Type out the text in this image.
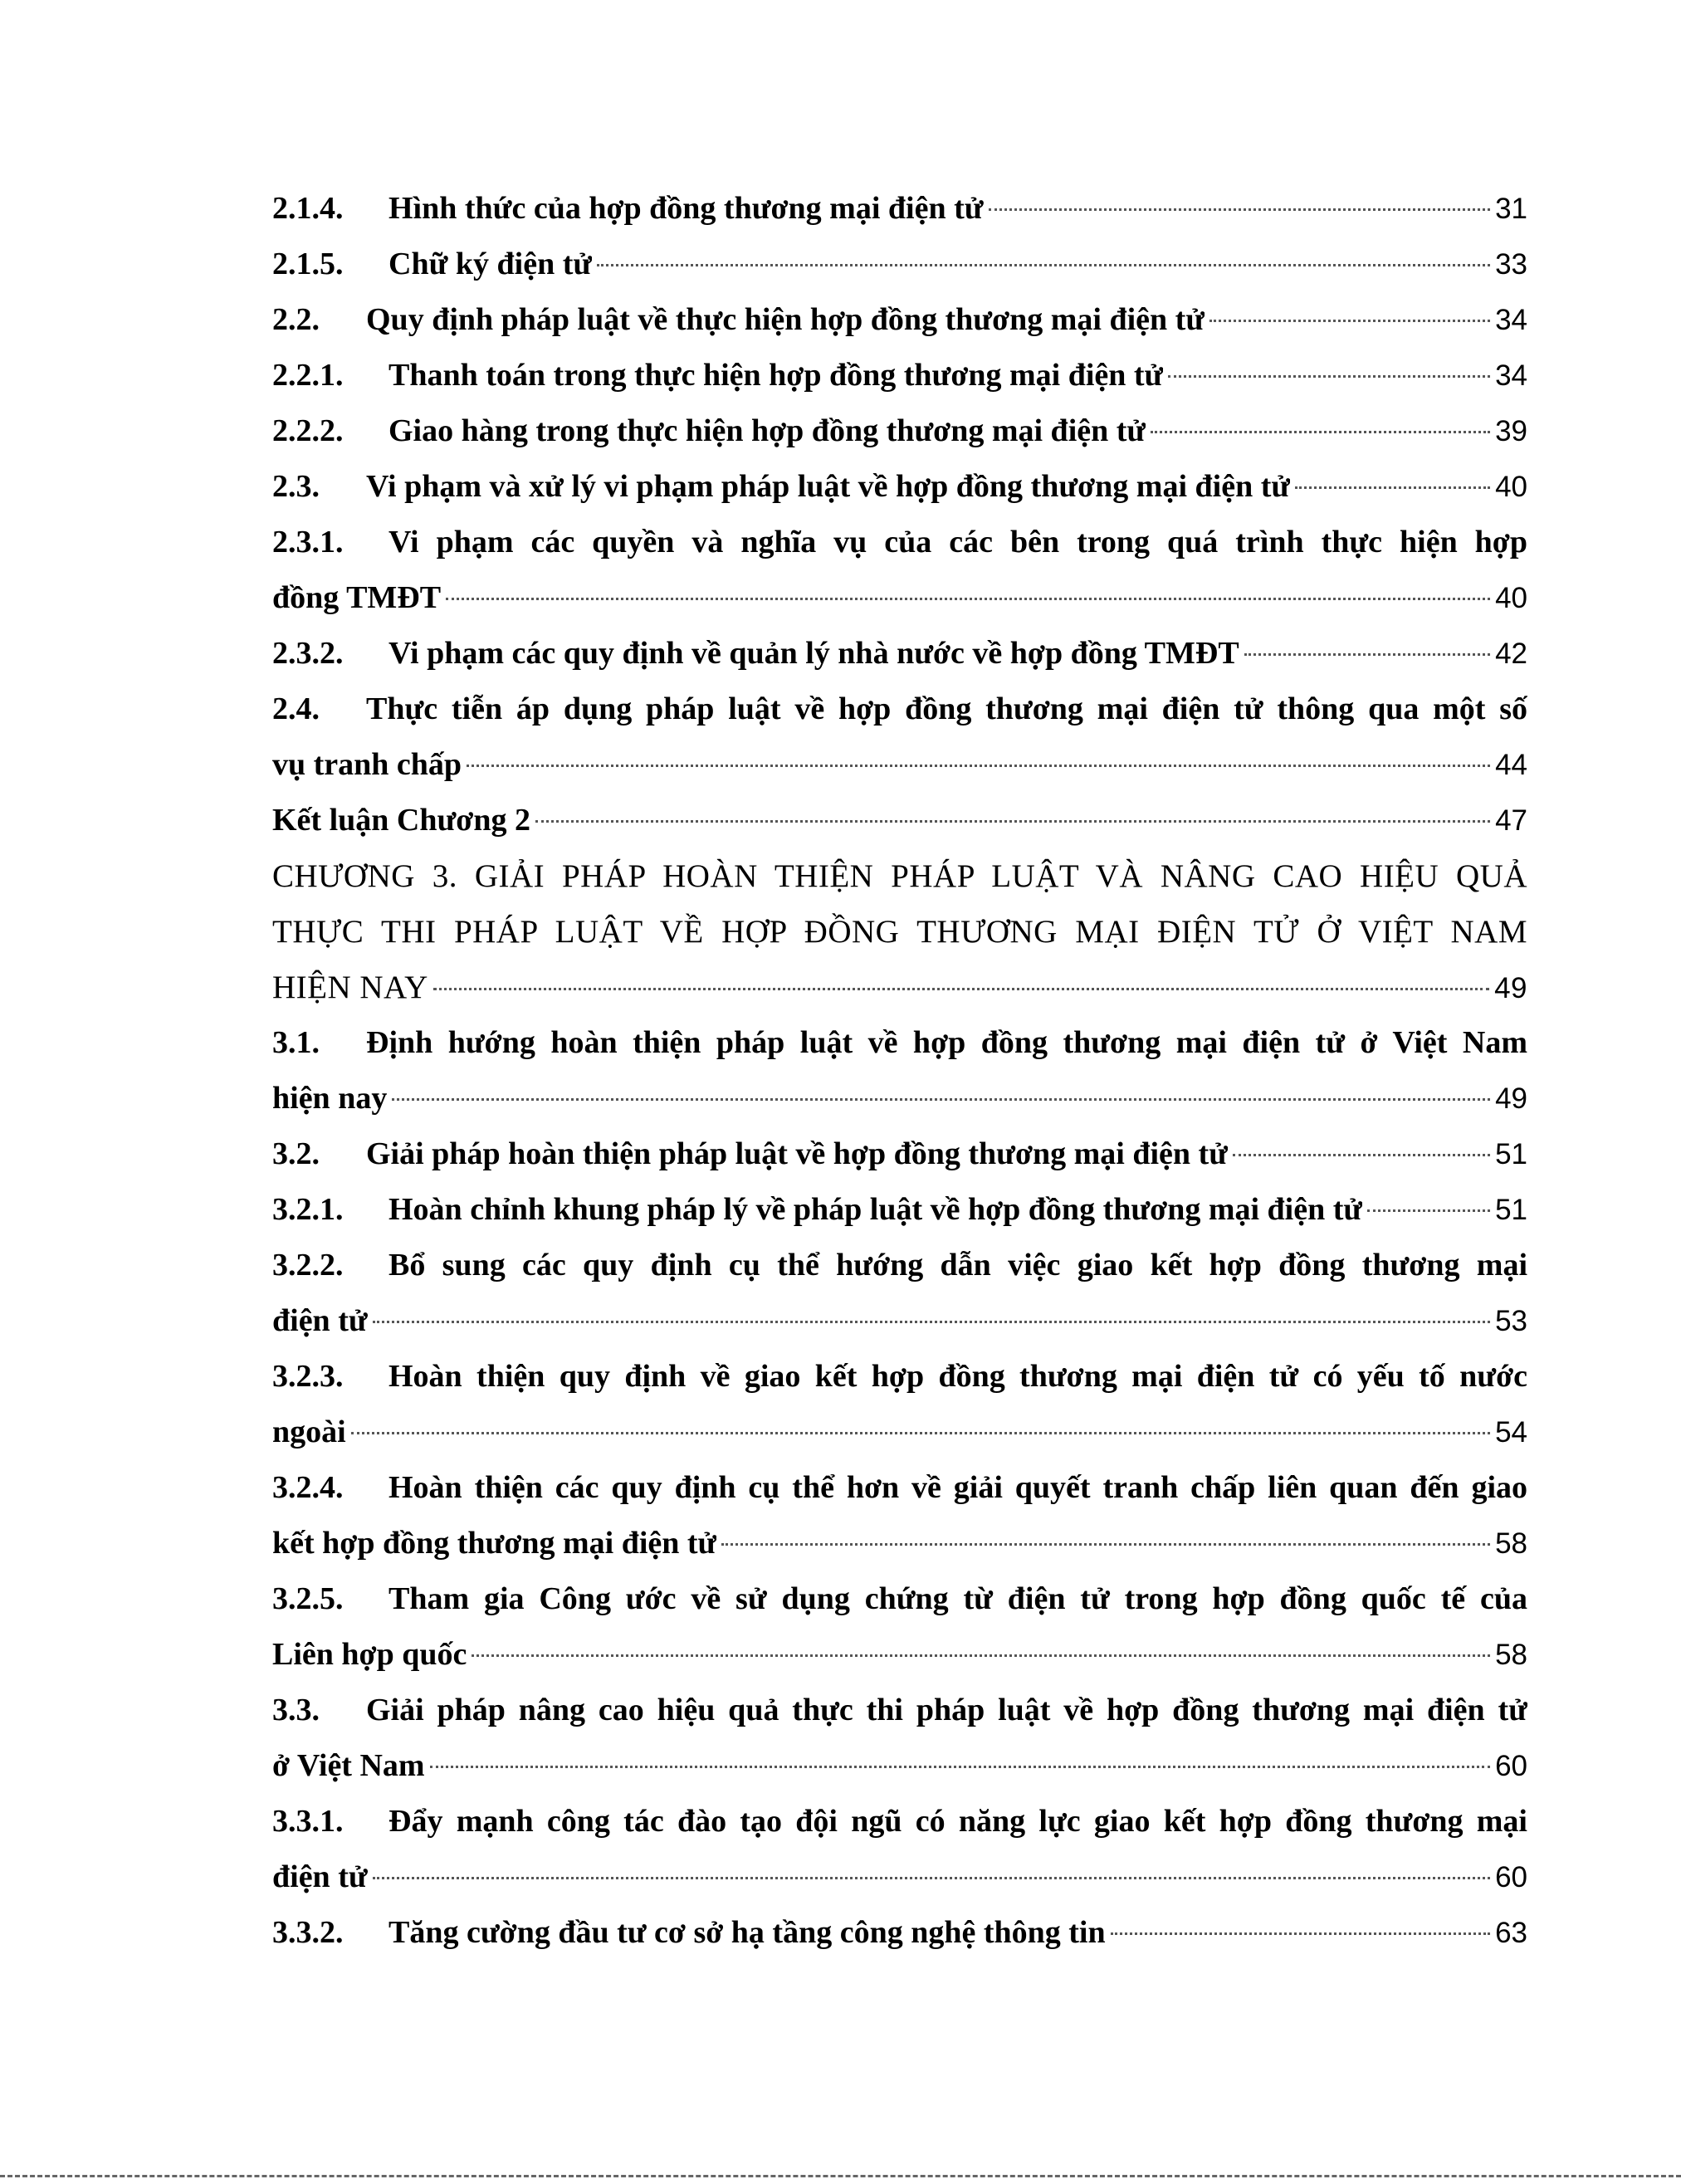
2.1.4.	Hình thức của hợp đồng thương mại điện tử	31
2.1.5.	Chữ ký điện tử	33
2.2.	Quy định pháp luật về thực hiện hợp đồng thương mại điện tử	34
2.2.1.	Thanh toán trong thực hiện hợp đồng thương mại điện tử	34
2.2.2.	Giao hàng trong thực hiện hợp đồng thương mại điện tử	39
2.3.	Vi phạm và xử lý vi phạm pháp luật về hợp đồng thương mại điện tử	40
2.3.1. Vi phạm các quyền và nghĩa vụ của các bên trong quá trình thực hiện hợp
đồng TMĐT	40
2.3.2.	Vi phạm các quy định về quản lý nhà nước về hợp đồng TMĐT	42
2.4. Thực tiễn áp dụng pháp luật về hợp đồng thương mại điện tử thông qua một số
vụ tranh chấp	44
Kết luận Chương 2	47
CHƯƠNG 3. GIẢI PHÁP HOÀN THIỆN PHÁP LUẬT VÀ NÂNG CAO HIỆU QUẢ
THỰC THI PHÁP LUẬT VỀ HỢP ĐỒNG THƯƠNG MẠI ĐIỆN TỬ Ở VIỆT NAM
HIỆN NAY	49
3.1. Định hướng hoàn thiện pháp luật về hợp đồng thương mại điện tử ở Việt Nam
hiện nay	49
3.2.	Giải pháp hoàn thiện pháp luật về hợp đồng thương mại điện tử	51
3.2.1.	Hoàn chỉnh khung pháp lý về pháp luật về hợp đồng thương mại điện tử	51
3.2.2. Bổ sung các quy định cụ thể hướng dẫn việc giao kết hợp đồng thương mại
điện tử	53
3.2.3. Hoàn thiện quy định về giao kết hợp đồng thương mại điện tử có yếu tố nước
ngoài	54
3.2.4. Hoàn thiện các quy định cụ thể hơn về giải quyết tranh chấp liên quan đến giao
kết hợp đồng thương mại điện tử	58
3.2.5. Tham gia Công ước về sử dụng chứng từ điện tử trong hợp đồng quốc tế của
Liên hợp quốc	58
3.3. Giải pháp nâng cao hiệu quả thực thi pháp luật về hợp đồng thương mại điện tử
ở Việt Nam	60
3.3.1. Đẩy mạnh công tác đào tạo đội ngũ có năng lực giao kết hợp đồng thương mại
điện tử	60
3.3.2.	Tăng cường đầu tư cơ sở hạ tầng công nghệ thông tin	63
